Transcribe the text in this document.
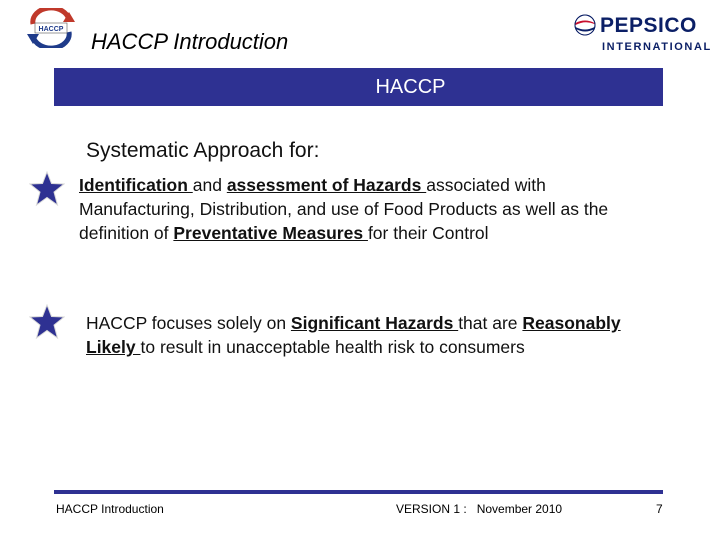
HACCP HACCP Introduction
PEPSICO
INTERNATIONAL
HACCP
Systematic Approach for:
Identification and assessment of Hazards associated with Manufacturing, Distribution, and use of Food Products as well as the definition of Preventative Measures for their Control
HACCP focuses solely on Significant Hazards that are Reasonably Likely to result in unacceptable health risk to consumers
HACCP Introduction	VERSION 1 :   November 2010	7
